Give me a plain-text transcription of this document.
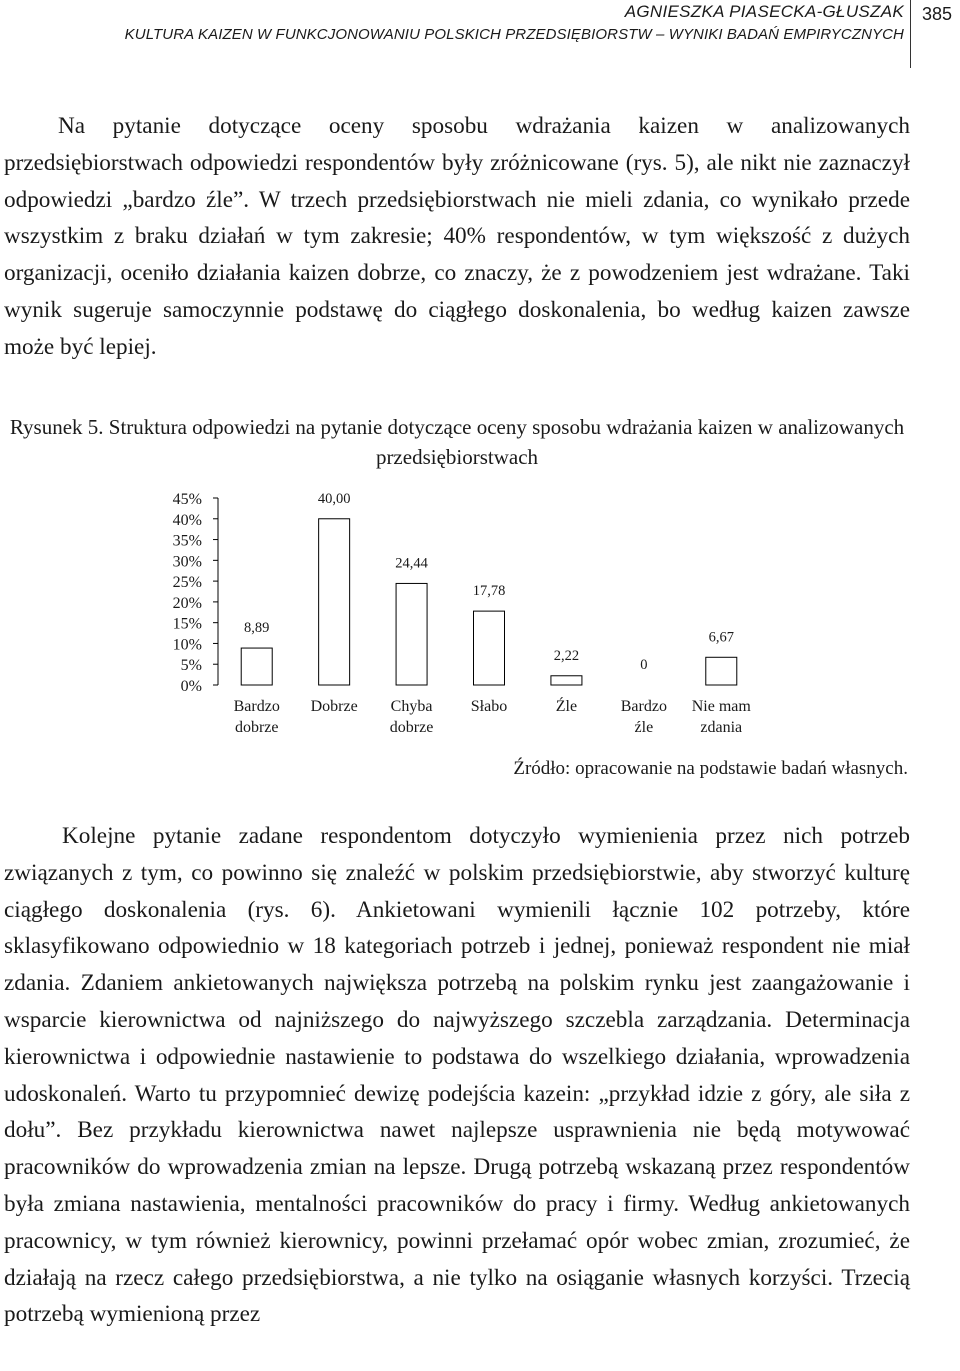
AGNIESZKA PIASECKA-GŁUSZAK
KULTURA KAIZEN W FUNKCJONOWANIU POLSKICH PRZEDSIĘBIORSTW – WYNIKI BADAŃ EMPIRYCZNYCH
385

Na pytanie dotyczące oceny sposobu wdrażania kaizen w analizowanych przedsiębiorstwach odpowiedzi respondentów były zróżnicowane (rys. 5), ale nikt nie zaznaczył odpowiedzi „bardzo źle”. W trzech przedsiębiorstwach nie mieli zdania, co wynikało przede wszystkim z braku działań w tym zakresie; 40% respondentów, w tym większość z dużych organizacji, oceniło działania kaizen dobrze, co znaczy, że z powodzeniem jest wdrażane. Taki wynik sugeruje samoczynnie podstawę do ciągłego doskonalenia, bo według kaizen zawsze może być lepiej.

Rysunek 5. Struktura odpowiedzi na pytanie dotyczące oceny sposobu wdrażania kaizen w analizowanych przedsiębiorstwach

0%
5%
10%
15%
20%
25%
30%
35%
40%
45%
8,89
Bardzo
dobrze
40,00
Dobrze
24,44
Chyba
dobrze
17,78
Słabo
2,22
Źle
0
Bardzo
źle
6,67
Nie mam
zdania
Źródło: opracowanie na podstawie badań własnych.

Kolejne pytanie zadane respondentom dotyczyło wymienienia przez nich potrzeb związanych z tym, co powinno się znaleźć w polskim przedsiębiorstwie, aby stworzyć kulturę ciągłego doskonalenia (rys. 6). Ankietowani wymienili łącznie 102 potrzeby, które sklasyfikowano odpowiednio w 18 kategoriach potrzeb i jednej, ponieważ respondent nie miał zdania. Zdaniem ankietowanych największa potrzebą na polskim rynku jest zaangażowanie i wsparcie kierownictwa od najniższego do najwyższego szczebla zarządzania. Determinacja kierownictwa i odpowiednie nastawienie to podstawa do wszelkiego działania, wprowadzenia udoskonaleń. Warto tu przypomnieć dewizę podejścia kazein: „przykład idzie z góry, ale siła z dołu”. Bez przykładu kierownictwa nawet najlepsze usprawnienia nie będą motywować pracowników do wprowadzenia zmian na lepsze. Drugą potrzebą wskazaną przez respondentów była zmiana nastawienia, mentalności pracowników do pracy i firmy. Według ankietowanych pracownicy, w tym również kierownicy, powinni przełamać opór wobec zmian, zrozumieć, że działają na rzecz całego przedsiębiorstwa, a nie tylko na osiąganie własnych korzyści. Trzecią potrzebą wymienioną przez
